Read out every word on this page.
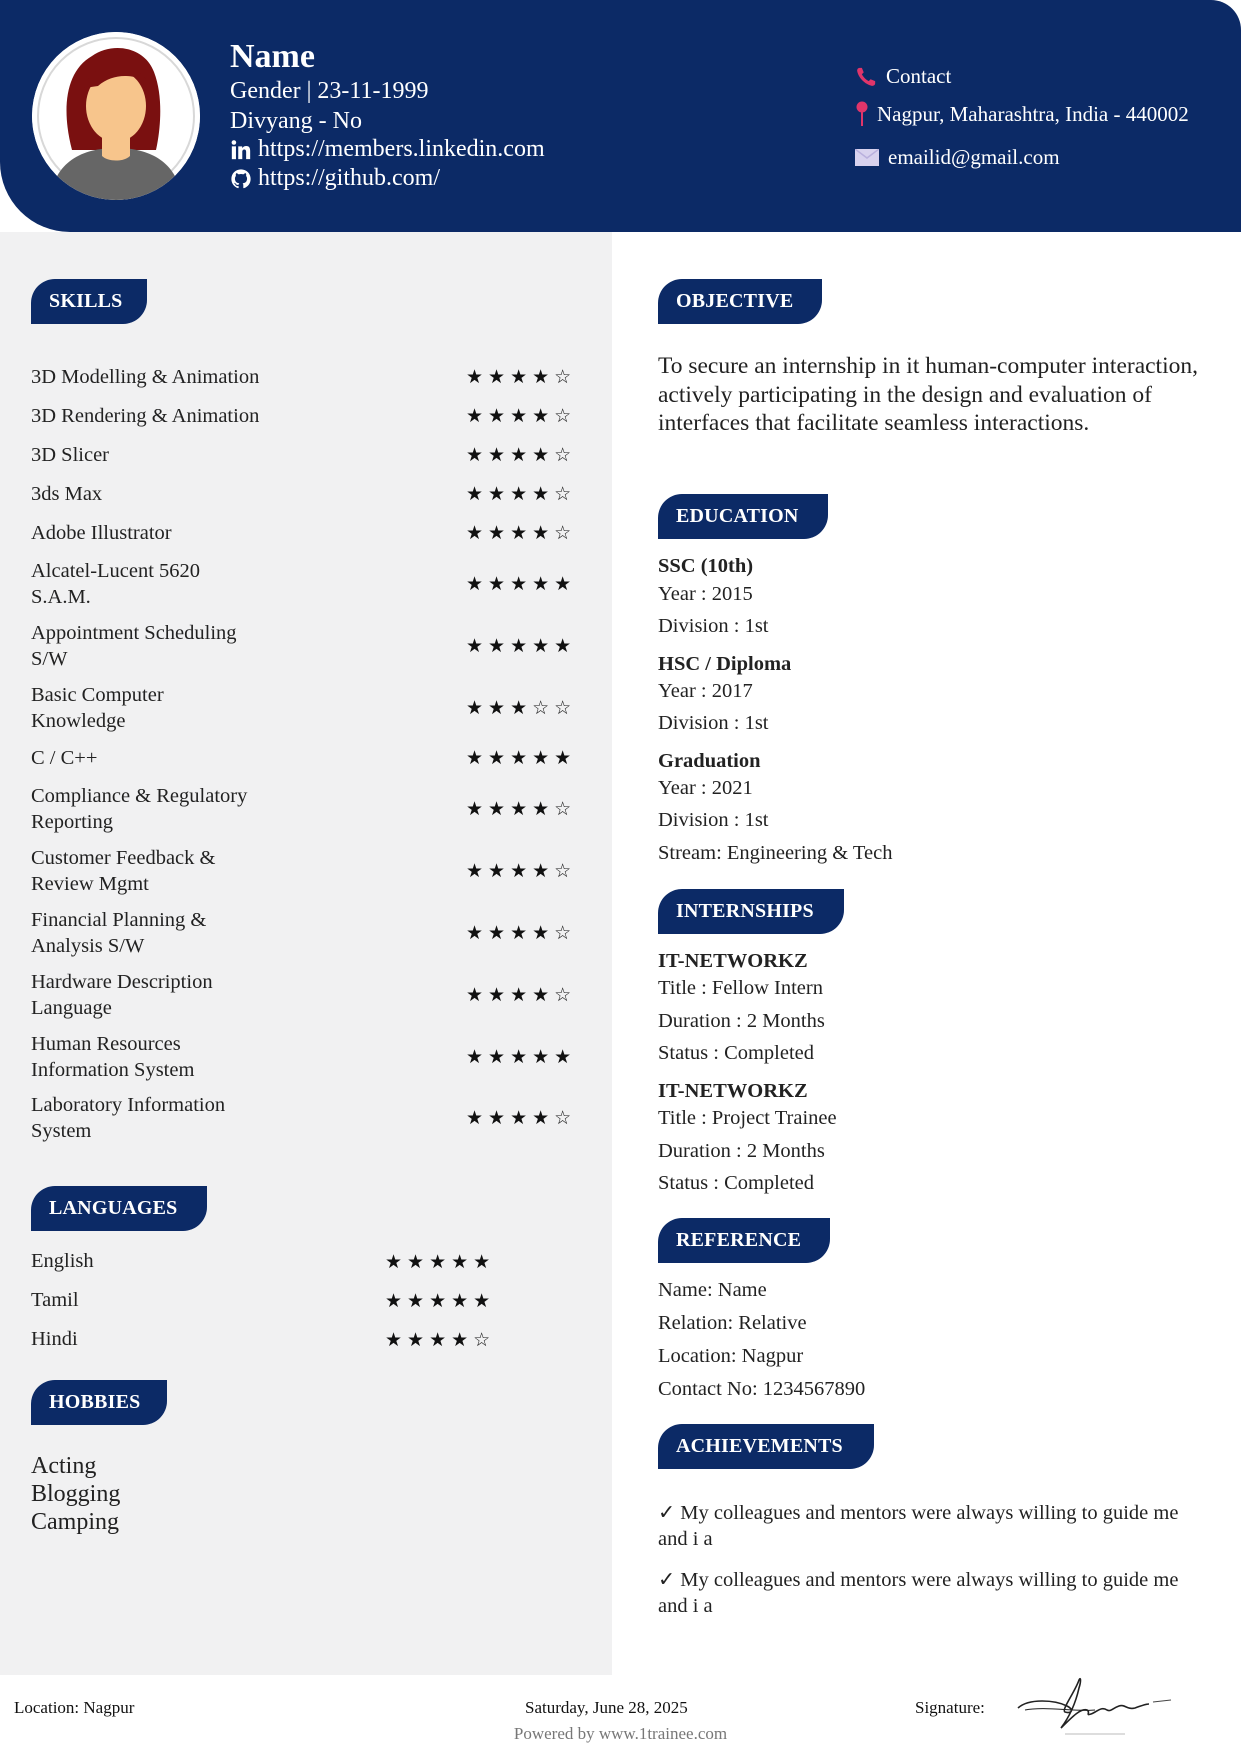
Name
Gender | 23-11-1999
Divyang - No
https://members.linkedin.com
https://github.com/
Contact
Nagpur, Maharashtra, India - 440002
emailid@gmail.com
SKILLS
3D Modelling & Animation	★★★★☆
3D Rendering & Animation	★★★★☆
3D Slicer	★★★★☆
3ds Max	★★★★☆
Adobe Illustrator	★★★★☆
Alcatel-Lucent 5620 S.A.M.
★★★★★
Appointment Scheduling S/W
★★★★★
Basic Computer Knowledge
★★★☆☆
C / C++	★★★★★
Compliance & Regulatory Reporting
★★★★☆
Customer Feedback & Review Mgmt
★★★★☆
Financial Planning & Analysis S/W
★★★★☆
Hardware Description Language
★★★★☆
Human Resources Information System
★★★★★
Laboratory Information System
★★★★☆
LANGUAGES
English	★★★★★
Tamil	★★★★★
Hindi	★★★★☆
HOBBIES
Acting
Blogging
Camping
OBJECTIVE
To secure an internship in it human-computer interaction, actively participating in the design and evaluation of interfaces that facilitate seamless interactions.
EDUCATION
SSC (10th)
Year : 2015
Division : 1st
HSC / Diploma
Year : 2017
Division : 1st
Graduation
Year : 2021
Division : 1st
Stream: Engineering & Tech
INTERNSHIPS
IT-NETWORKZ
Title : Fellow Intern
Duration : 2 Months
Status : Completed
IT-NETWORKZ
Title : Project Trainee
Duration : 2 Months
Status : Completed
REFERENCE
Name: Name
Relation: Relative
Location: Nagpur
Contact No: 1234567890
ACHIEVEMENTS
✓ My colleagues and mentors were always willing to guide me and i a
✓ My colleagues and mentors were always willing to guide me and i a
Location: Nagpur	Saturday, June 28, 2025	Signature:
Powered by www.1trainee.com
